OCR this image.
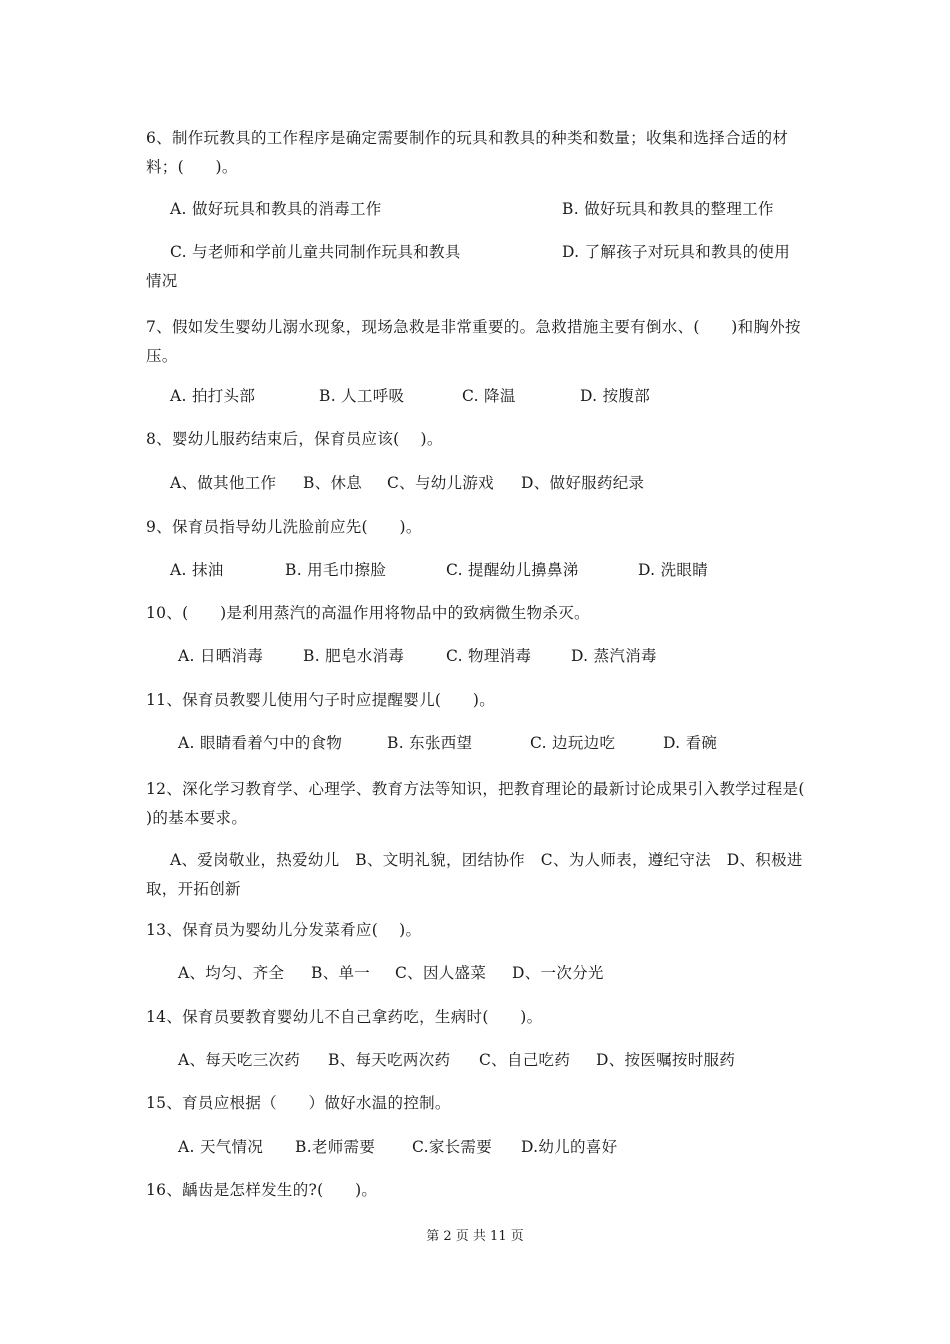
6、制作玩教具的工作程序是确定需要制作的玩具和教具的种类和数量；收集和选择合适的材料；(　　)。
A. 做好玩具和教具的消毒工作	B. 做好玩具和教具的整理工作
C. 与老师和学前儿童共同制作玩具和教具	D. 了解孩子对玩具和教具的使用
情况
7、假如发生婴幼儿溺水现象，现场急救是非常重要的。急救措施主要有倒水、(　　)和胸外按压。
A. 拍打头部	B. 人工呼吸	C. 降温	D. 按腹部
8、婴幼儿服药结束后，保育员应该(　 )。
A、做其他工作 B、休息 C、与幼儿游戏 D、做好服药纪录
9、保育员指导幼儿洗脸前应先(　　)。
A. 抹油	B. 用毛巾擦脸	C. 提醒幼儿擤鼻涕	D. 洗眼睛
10、(　　)是利用蒸汽的高温作用将物品中的致病微生物杀灭。
A. 日晒消毒	B. 肥皂水消毒	C. 物理消毒	D. 蒸汽消毒
11、保育员教婴儿使用勺子时应提醒婴儿(　　)。
A. 眼睛看着勺中的食物	B. 东张西望	C. 边玩边吃	D. 看碗
12、深化学习教育学、心理学、教育方法等知识，把教育理论的最新讨论成果引入教学过程是(　 )的基本要求。
A、爱岗敬业，热爱幼儿　B、文明礼貌，团结协作　C、为人师表，遵纪守法　D、积极进取，开拓创新
13、保育员为婴幼儿分发菜肴应(　 )。
A、均匀、齐全 B、单一 C、因人盛菜 D、一次分光
14、保育员要教育婴幼儿不自己拿药吃，生病时(　　)。
A、每天吃三次药 B、每天吃两次药 C、自己吃药 D、按医嘱按时服药
15、育员应根据（　　）做好水温的控制。
A. 天气情况 B.老师需要 C.家长需要 D.幼儿的喜好
16、龋齿是怎样发生的?(　　)。
第 2 页 共 11 页
